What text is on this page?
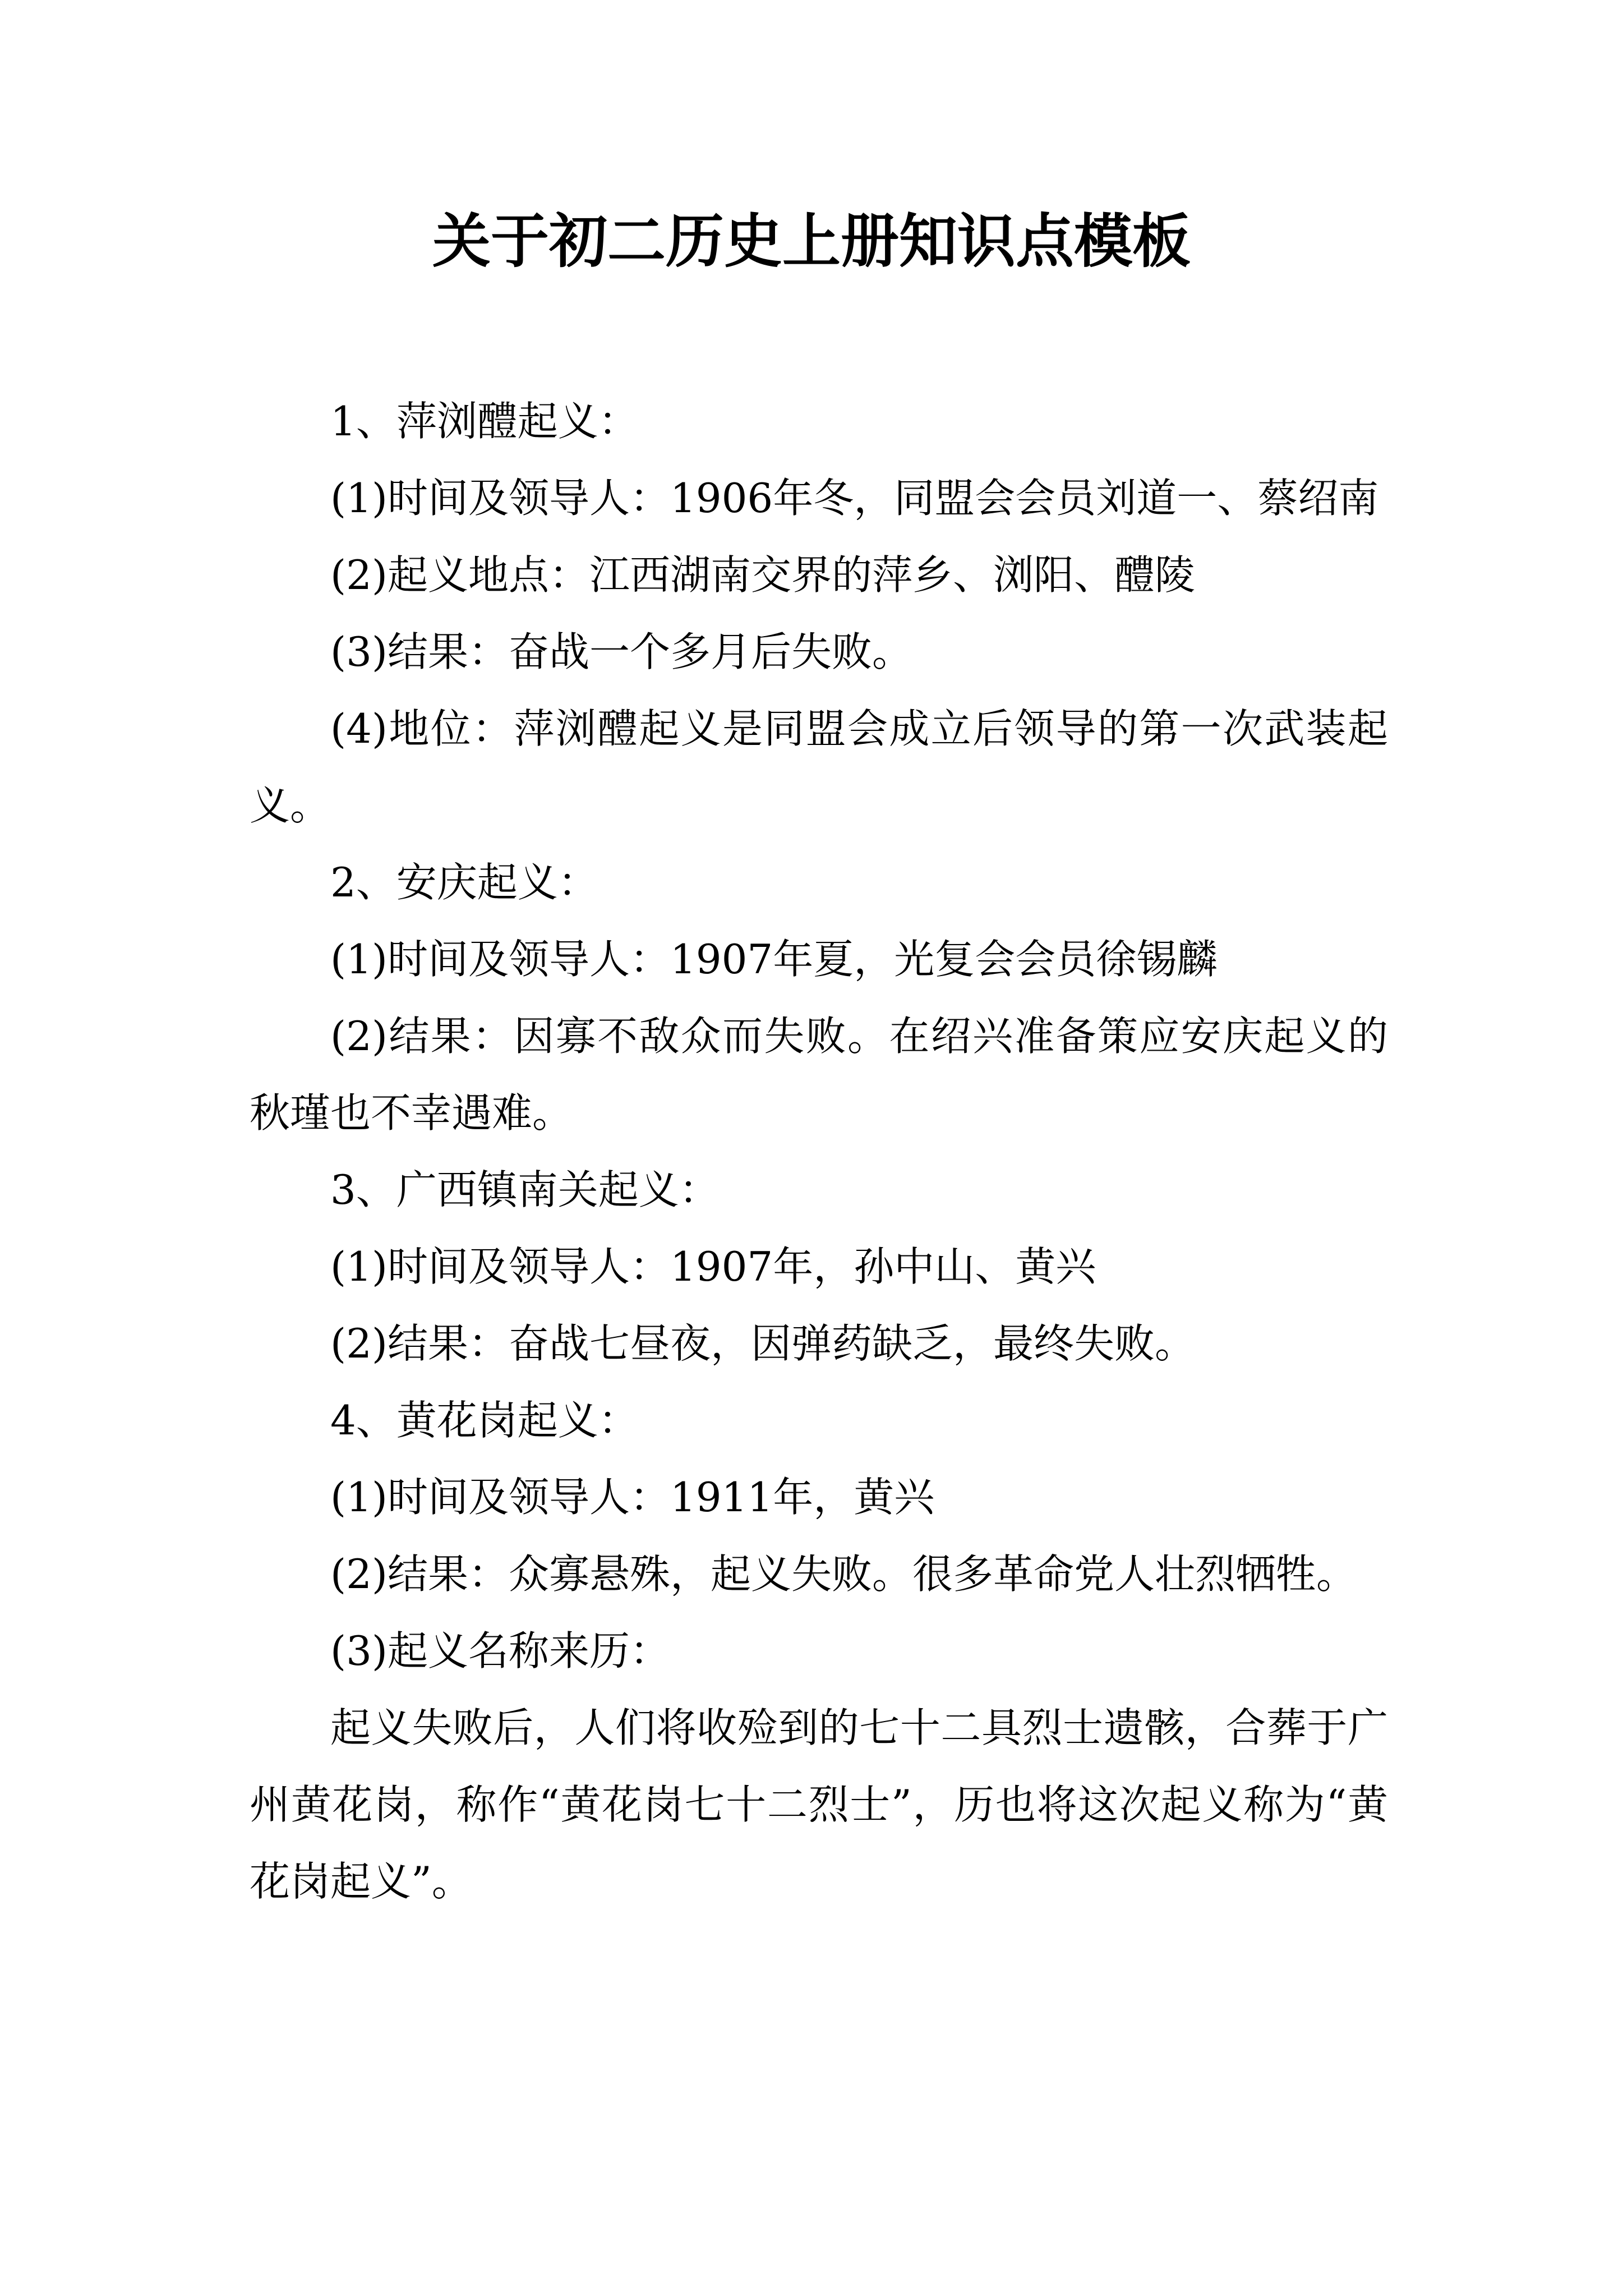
关于初二历史上册知识点模板

1、萍浏醴起义：

(1)时间及领导人：1906年冬，同盟会会员刘道一、蔡绍南

(2)起义地点：江西湖南交界的萍乡、浏阳、醴陵

(3)结果：奋战一个多月后失败。

(4)地位：萍浏醴起义是同盟会成立后领导的第一次武装起义。

2、安庆起义：

(1)时间及领导人：1907年夏，光复会会员徐锡麟

(2)结果：因寡不敌众而失败。在绍兴准备策应安庆起义的秋瑾也不幸遇难。

3、广西镇南关起义：

(1)时间及领导人：1907年，孙中山、黄兴

(2)结果：奋战七昼夜，因弹药缺乏，最终失败。

4、黄花岗起义：

(1)时间及领导人：1911年，黄兴

(2)结果：众寡悬殊，起义失败。很多革命党人壮烈牺牲。

(3)起义名称来历：

起义失败后，人们将收殓到的七十二具烈士遗骸，合葬于广州黄花岗，称作“黄花岗七十二烈士”，历也将这次起义称为“黄花岗起义”。
